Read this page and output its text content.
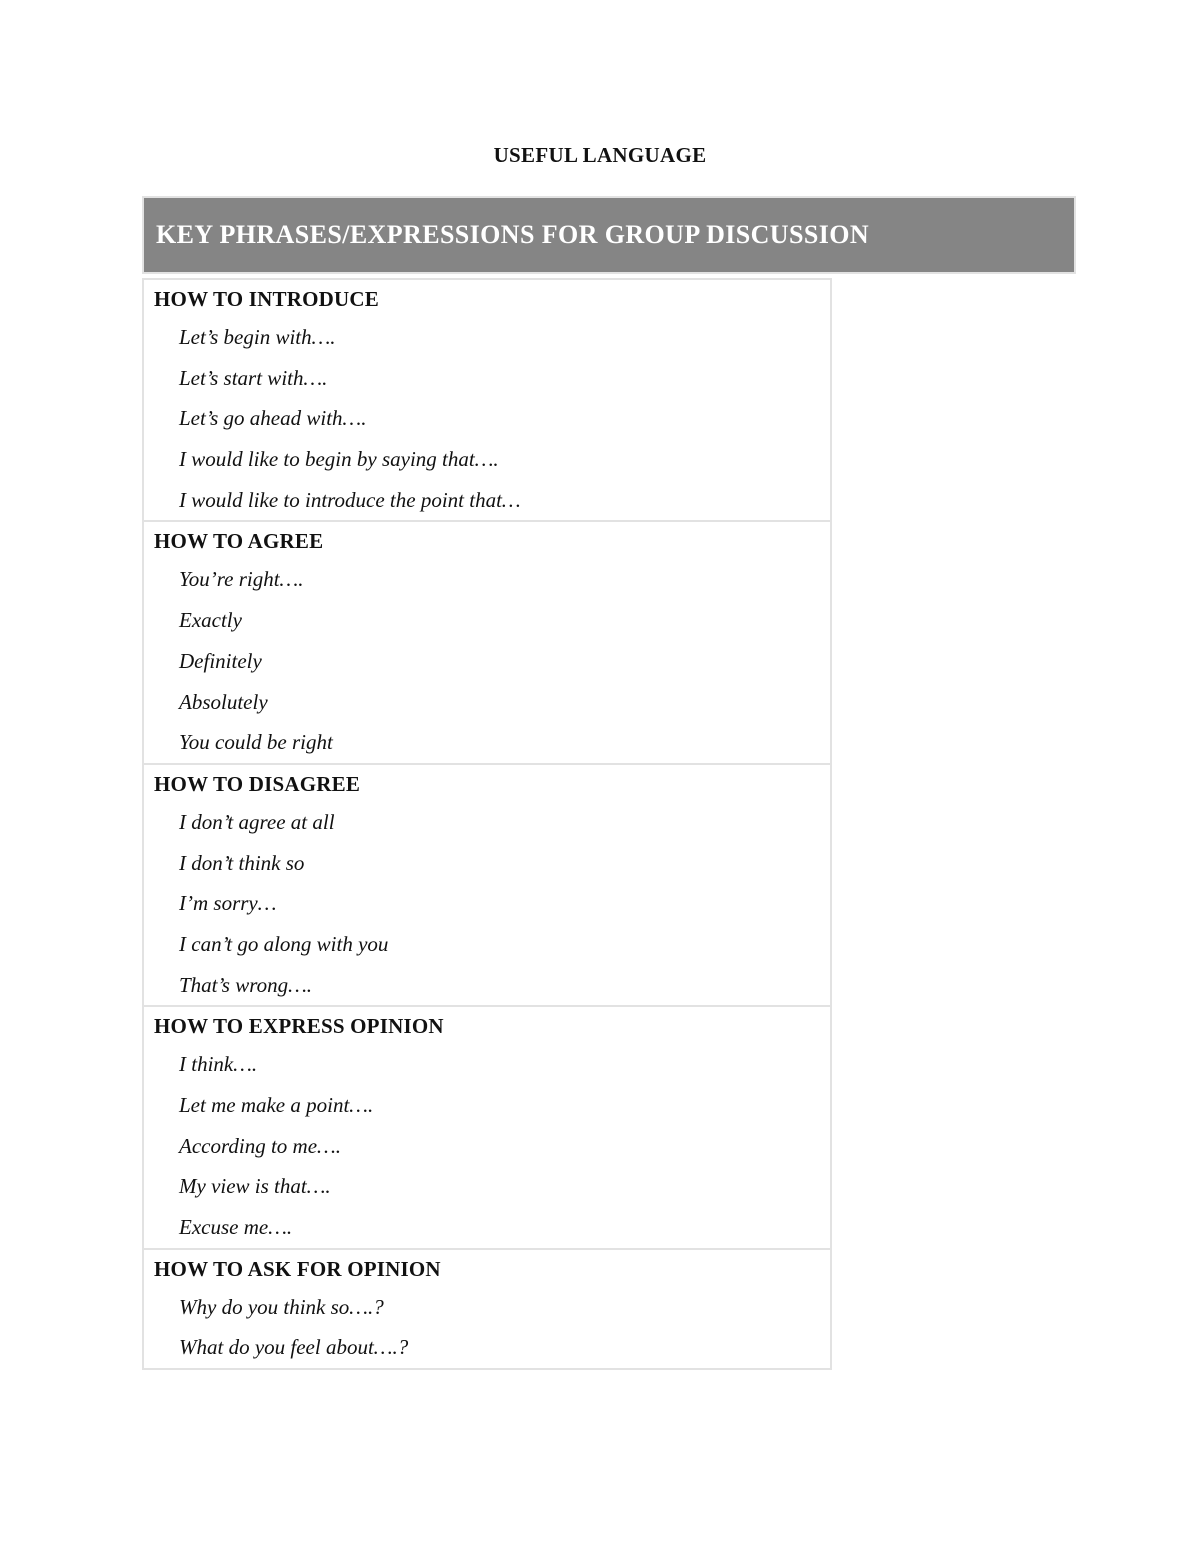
USEFUL LANGUAGE
KEY PHRASES/EXPRESSIONS FOR GROUP DISCUSSION
HOW TO INTRODUCE
Let’s begin with….
Let’s start with….
Let’s go ahead with….
I would like to begin by saying that….
I would like to introduce the point that…
HOW TO AGREE
You’re right….
Exactly
Definitely
Absolutely
You could be right
HOW TO DISAGREE
I don’t agree at all
I don’t think so
I’m sorry…
I can’t go along with you
That’s wrong….
HOW TO EXPRESS OPINION
I think….
Let me make a point….
According to me….
My view is that….
Excuse me….
HOW TO ASK FOR OPINION
Why do you think so….?
What do you feel about….?
